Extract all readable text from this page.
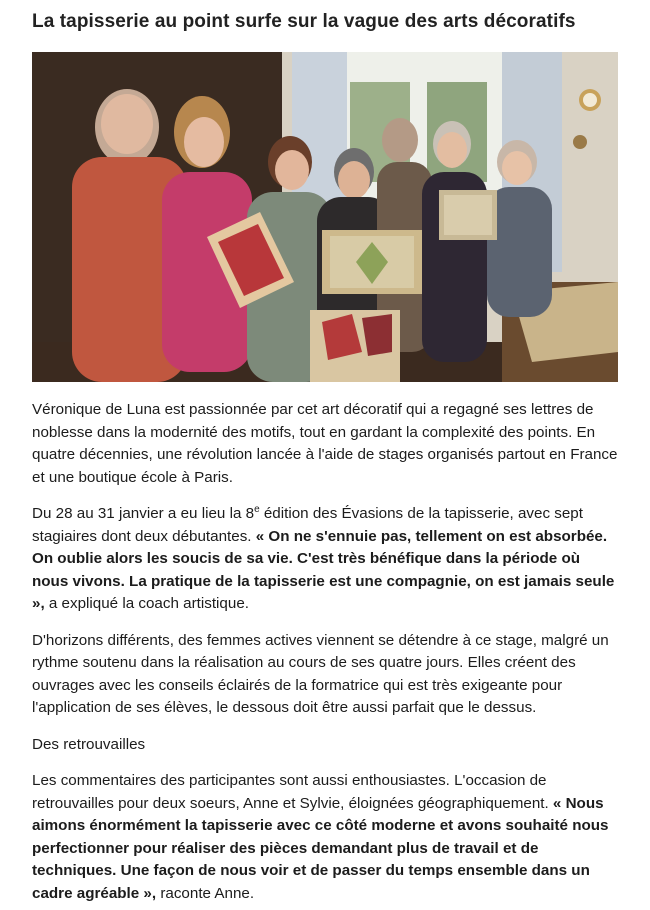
La tapisserie au point surfe sur la vague des arts décoratifs

Véronique de Luna est passionnée par cet art décoratif qui a regagné ses lettres de noblesse dans la modernité des motifs, tout en gardant la complexité des points. En quatre décennies, une révolution lancée à l'aide de stages organisés partout en France et une boutique école à Paris.

Du 28 au 31 janvier a eu lieu la 8e édition des Évasions de la tapisserie, avec sept stagiaires dont deux débutantes. « On ne s'ennuie pas, tellement on est absorbée. On oublie alors les soucis de sa vie. C'est très bénéfique dans la période où nous vivons. La pratique de la tapisserie est une compagnie, on est jamais seule », a expliqué la coach artistique.

D'horizons différents, des femmes actives viennent se détendre à ce stage, malgré un rythme soutenu dans la réalisation au cours de ses quatre jours. Elles créent des ouvrages avec les conseils éclairés de la formatrice qui est très exigeante pour l'application de ses élèves, le dessous doit être aussi parfait que le dessus.

Des retrouvailles

Les commentaires des participantes sont aussi enthousiastes. L'occasion de retrouvailles pour deux soeurs, Anne et Sylvie, éloignées géographiquement. « Nous aimons énormément la tapisserie avec ce côté moderne et avons souhaité nous perfectionner pour réaliser des pièces demandant plus de travail et de techniques. Une façon de nous voir et de passer du temps ensemble dans un cadre agréable », raconte Anne.
